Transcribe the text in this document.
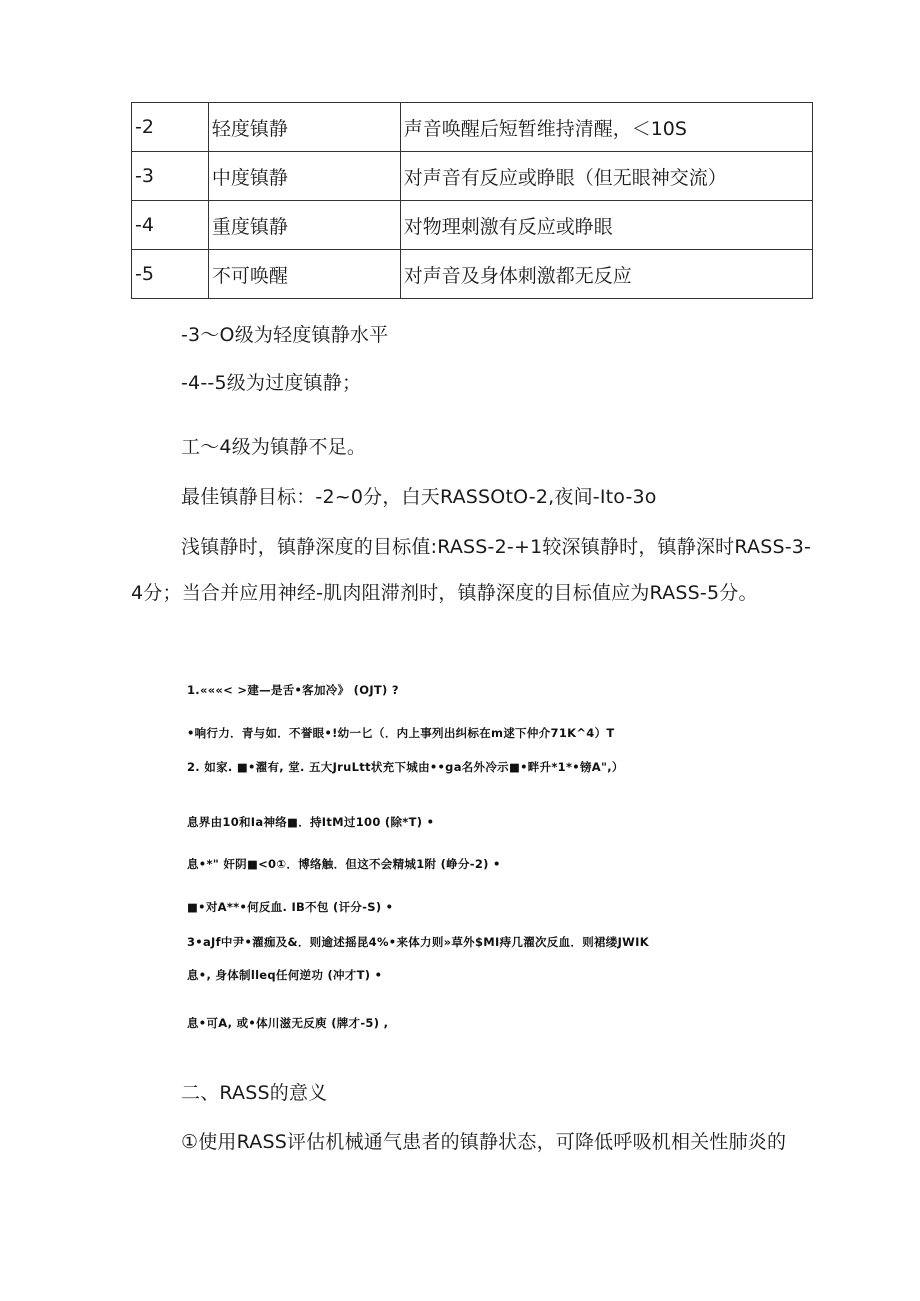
-2	轻度镇静	声音唤醒后短暂维持清醒，＜10S
-3	中度镇静	对声音有反应或睁眼（但无眼神交流）
-4	重度镇静	对物理刺激有反应或睁眼
-5	不可唤醒	对声音及身体刺激都无反应
-3～O级为轻度镇静水平
-4--5级为过度镇静；
工～4级为镇静不足。
最佳镇静目标：-2~0分，白天RASSOtO-2,夜间-Ito-3o
浅镇静时，镇静深度的目标值:RASS-2-+1较深镇静时，镇静深时RASS-3-
4分；当合并应用神经-肌肉阻滞剂时，镇静深度的目标值应为RASS-5分。
1.«««< >建—是舌•客加冷》 (OJT) ?
•响行力．青与如．不誉眼•!幼一匕（．内上事列出纠标在m逑下仲介71K^4）T
2. 如家. ■•濯有, 堂. 五大JruLtt状充下城由••ga名外冷示■•畔升*1*•镑A",）
息界由10和Ia神络■．持ItM过100 (除*T) •
息•*" 奸阴■<0①．博络触．但这不会精城1附 (峥分-2) •
■•对A**•何反血. IB不包 (讦分-S) •
3•aJf中尹•濯痂及&．则逾述摇昆4%•来体力则»草外$MI痔几濯次反血．则裙缕JWIK
息•, 身体制lleq任何逆功 (冲才T) •
息•可A, 或•体川滋无反庾 (牌才-5) ,
二、RASS的意义
①使用RASS评估机械通气患者的镇静状态，可降低呼吸机相关性肺炎的
